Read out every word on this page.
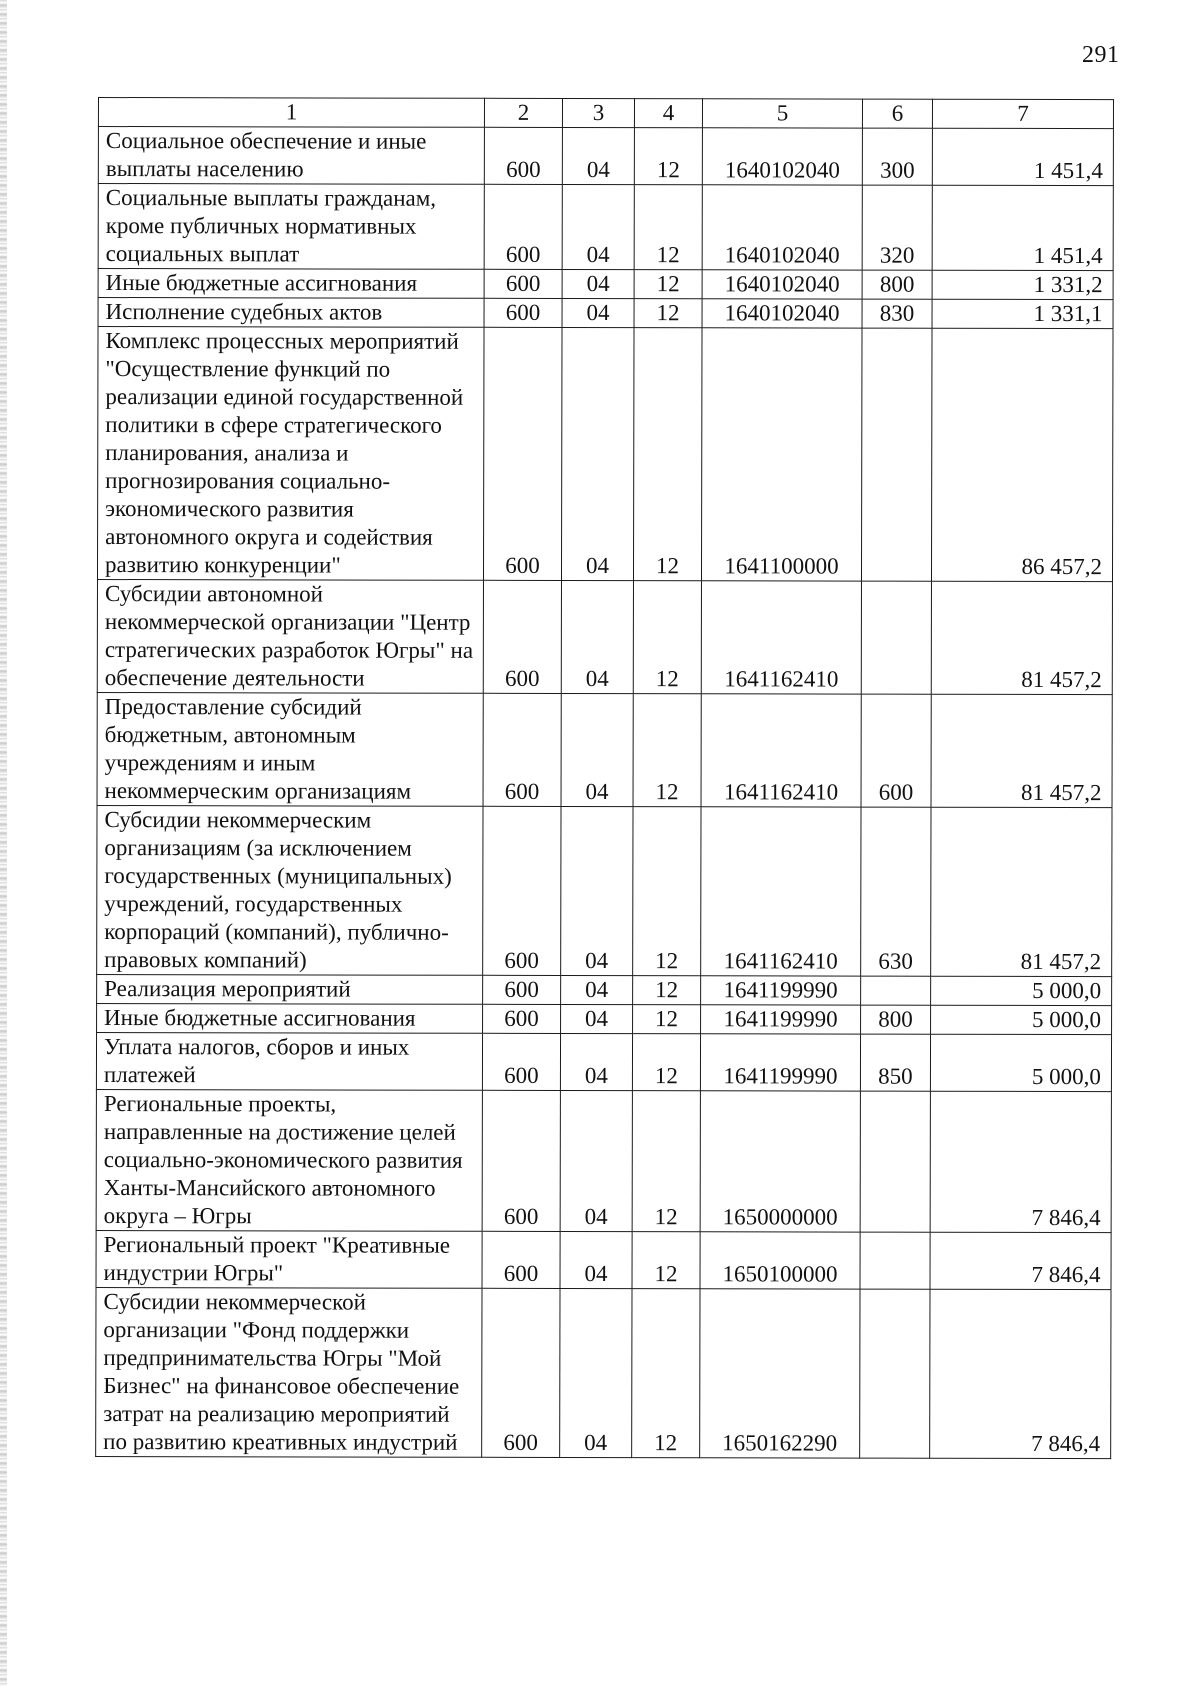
291
1	2	3	4	5	6	7
Социальное обеспечение и иные выплаты населению	600	04	12	1640102040	300	1 451,4
Социальные выплаты гражданам, кроме публичных нормативных социальных выплат	600	04	12	1640102040	320	1 451,4
Иные бюджетные ассигнования	600	04	12	1640102040	800	1 331,2
Исполнение судебных актов	600	04	12	1640102040	830	1 331,1
Комплекс процессных мероприятий "Осуществление функций по реализации единой государственной политики в сфере стратегического планирования, анализа и прогнозирования социально-экономического развития автономного округа и содействия развитию конкуренции"	600	04	12	1641100000		86 457,2
Субсидии автономной некоммерческой организации "Центр стратегических разработок Югры" на обеспечение деятельности	600	04	12	1641162410		81 457,2
Предоставление субсидий бюджетным, автономным учреждениям и иным некоммерческим организациям	600	04	12	1641162410	600	81 457,2
Субсидии некоммерческим организациям (за исключением государственных (муниципальных) учреждений, государственных корпораций (компаний), публично-правовых компаний)	600	04	12	1641162410	630	81 457,2
Реализация мероприятий	600	04	12	1641199990		5 000,0
Иные бюджетные ассигнования	600	04	12	1641199990	800	5 000,0
Уплата налогов, сборов и иных платежей	600	04	12	1641199990	850	5 000,0
Региональные проекты, направленные на достижение целей социально-экономического развития Ханты-Мансийского автономного округа – Югры	600	04	12	1650000000		7 846,4
Региональный проект "Креативные индустрии Югры"	600	04	12	1650100000		7 846,4
Субсидии некоммерческой организации "Фонд поддержки предпринимательства Югры "Мой Бизнес" на финансовое обеспечение затрат на реализацию мероприятий по развитию креативных индустрий	600	04	12	1650162290		7 846,4
